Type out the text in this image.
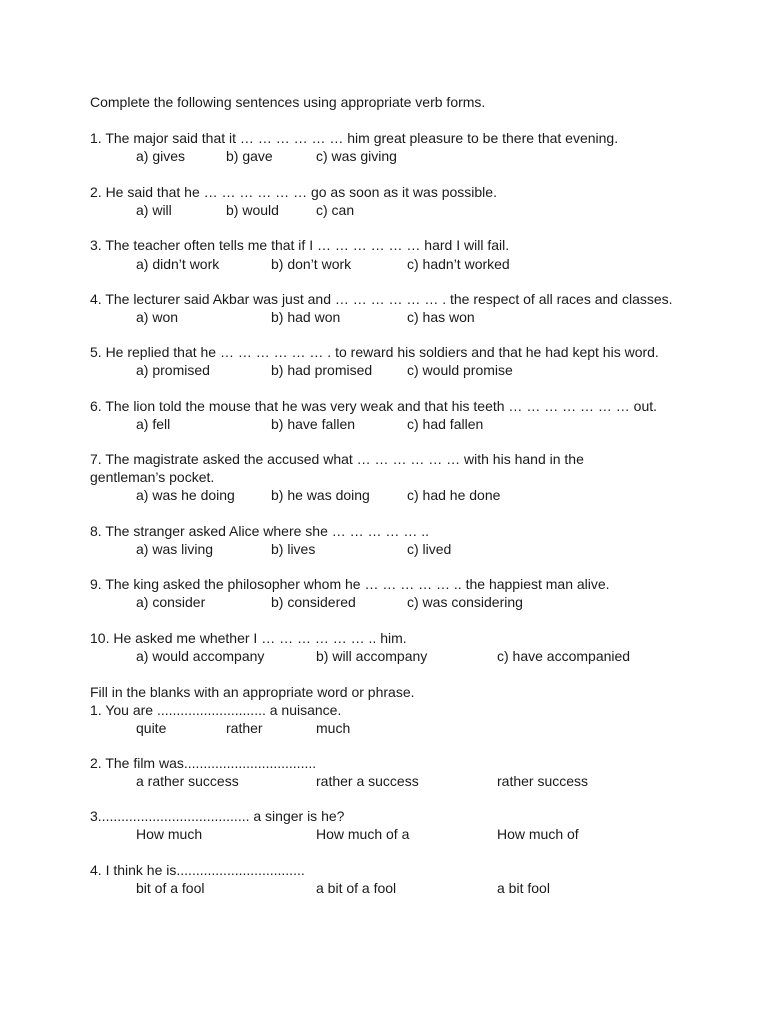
Complete the following sentences using appropriate verb forms.
1. The major said that it … … … … … … him great pleasure to be there that evening.
a) gives	b) gave	c) was giving
2. He said that he … … … … … … go as soon as it was possible.
a) will	b) would	c) can
3. The teacher often tells me that if I … … … … … … hard I will fail.
a) didn’t work	b) don’t work	c) hadn’t worked
4. The lecturer said Akbar was just and … … … … … … . the respect of all races and classes.
a) won	b) had won	c) has won
5. He replied that he … … … … … … . to reward his soldiers and that he had kept his word.
a) promised	b) had promised c) would promise
6. The lion told the mouse that he was very weak and that his teeth … … … … … … … out.
a) fell	b) have fallen	c) had fallen
7. The magistrate asked the accused what … … … … … … with his hand in the
gentleman’s pocket.
a) was he doing	b) he was doing	c) had he done
8. The stranger asked Alice where she … … … … … ..
a) was living	b) lives	c) lived
9. The king asked the philosopher whom he … … … … … .. the happiest man alive.
a) consider	b) considered	c) was considering
10. He asked me whether I … … … … … … .. him.
a) would accompany	b) will accompany	c) have accompanied
Fill in the blanks with an appropriate word or phrase.
1. You are ............................ a nuisance.
quite	rather	much
2. The film was..................................
a rather success	rather a success	rather success
3....................................... a singer is he?
How much	How much of a	How much of
4. I think he is.................................
bit of a fool	a bit of a fool	a bit fool
